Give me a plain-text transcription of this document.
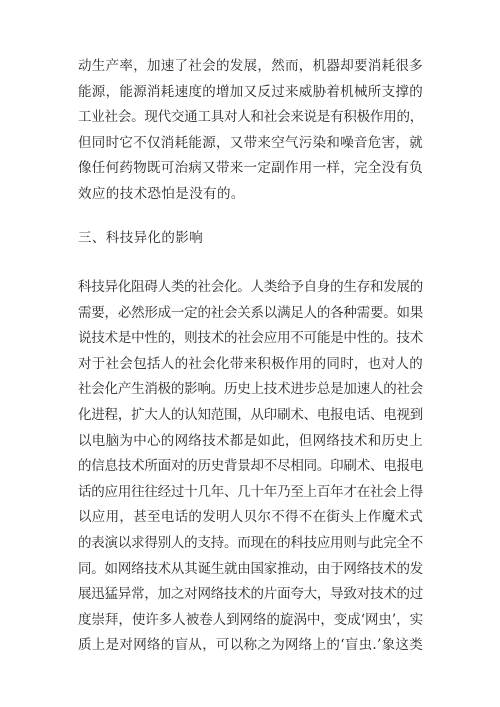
动生产率，加速了社会的发展，然而，机器却要消耗很多
能源，能源消耗速度的增加又反过来威胁着机械所支撑的
工业社会。现代交通工具对人和社会来说是有积极作用的，
但同时它不仅消耗能源，又带来空气污染和噪音危害，就
像任何药物既可治病又带来一定副作用一样，完全没有负
效应的技术恐怕是没有的。
三、科技异化的影响
科技异化阻碍人类的社会化。人类给予自身的生存和发展的
需要，必然形成一定的社会关系以满足人的各种需要。如果
说技术是中性的，则技术的社会应用不可能是中性的。技术
对于社会包括人的社会化带来积极作用的同时，也对人的
社会化产生消极的影响。历史上技术进步总是加速人的社会
化进程，扩大人的认知范围，从印刷术、电报电话、电视到
以电脑为中心的网络技术都是如此，但网络技术和历史上
的信息技术所面对的历史背景却不尽相同。印刷术、电报电
话的应用往往经过十几年、几十年乃至上百年才在社会上得
以应用，甚至电话的发明人贝尔不得不在街头上作魔术式
的表演以求得别人的支持。而现在的科技应用则与此完全不
同。如网络技术从其诞生就由国家推动，由于网络技术的发
展迅猛异常，加之对网络技术的片面夸大，导致对技术的过
度崇拜，使许多人被卷人到网络的旋涡中，变成‘网虫’，实
质上是对网络的盲从，可以称之为网络上的‘盲虫.’象这类
